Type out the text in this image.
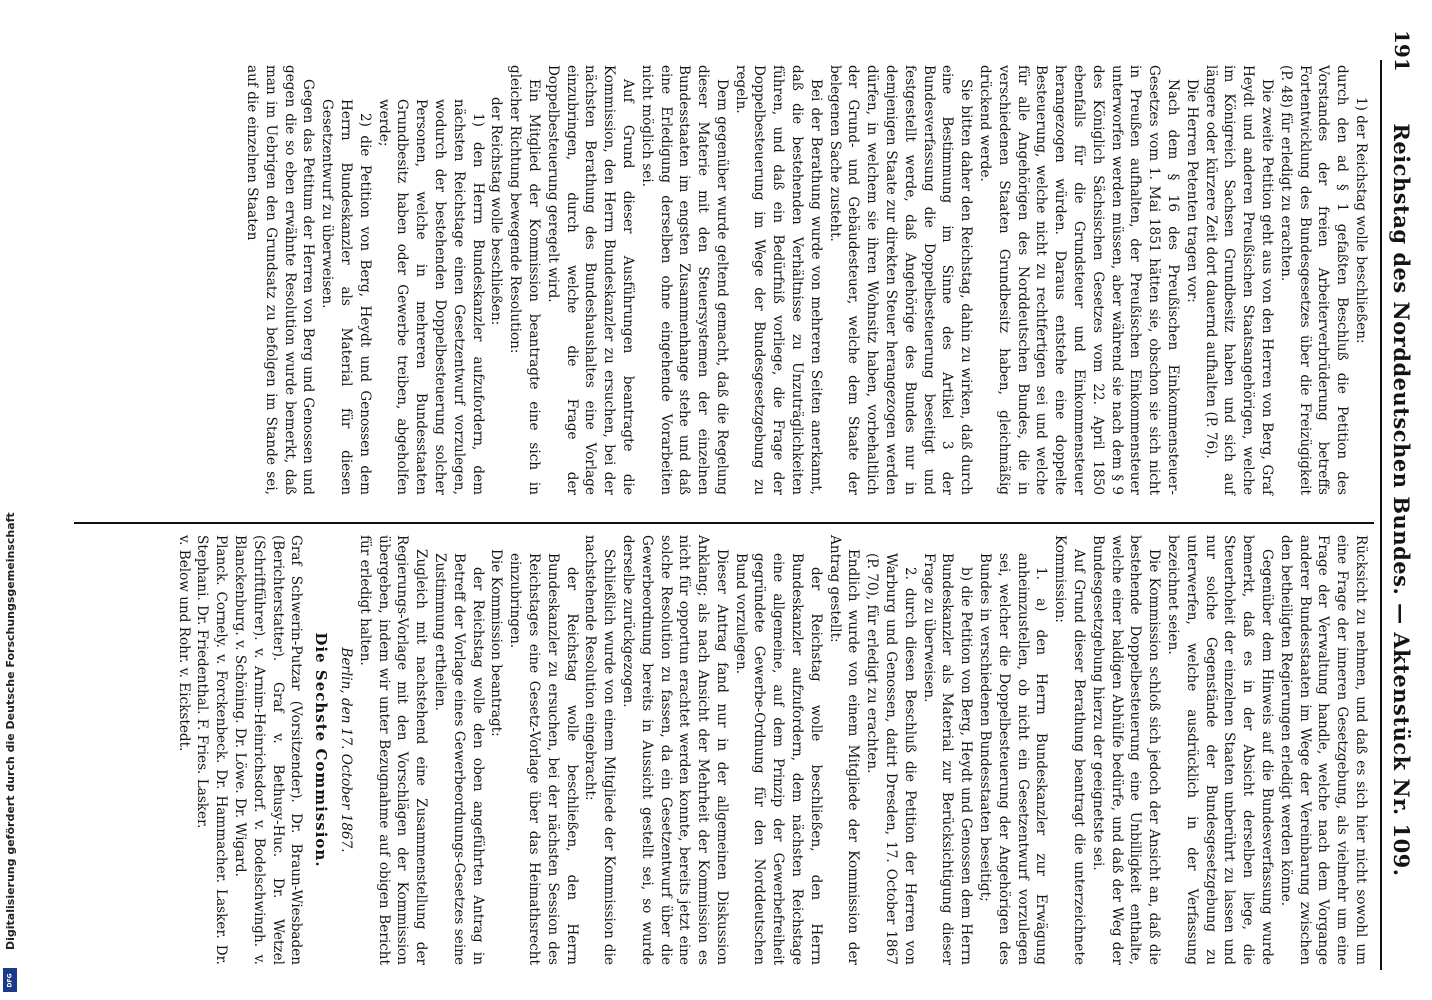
191
Reichstag des Norddeutschen Bundes. — Aktenstück Nr. 109.

1) der Reichstag wolle beschließen:

durch den ad § 1 gefaßten Beschluß die Petition des Vorstandes der freien Arbeiterverbrüderung betreffs Fortentwicklung des Bundesgesetzes über die Freizügigkeit (P. 48) für erledigt zu erachten.

Die zweite Petition geht aus von den Herren von Berg, Graf Heydt und anderen Preußischen Staatsangehörigen, welche im Königreich Sachsen Grundbesitz haben und sich auf längere oder kürzere Zeit dort dauernd aufhalten (P. 76).

Die Herren Petenten tragen vor:

Nach dem § 16 des Preußischen Einkommensteuer-Gesetzes vom 1. Mai 1851 hätten sie, obschon sie sich nicht in Preußen aufhalten, der Preußischen Einkommensteuer unterworfen werden müssen, aber während sie nach dem § 9 des Königlich Sächsischen Gesetzes vom 22. April 1850 ebenfalls für die Grundsteuer und Einkommensteuer herangezogen würden. Daraus entstehe eine doppelte Besteuerung, welche nicht zu rechtfertigen sei und welche für alle Angehörigen des Norddeutschen Bundes, die in verschiedenen Staaten Grundbesitz haben, gleichmäßig drückend werde.

Sie bitten daher den Reichstag, dahin zu wirken, daß durch eine Bestimmung im Sinne des Artikel 3 der Bundesverfassung die Doppelbesteuerung beseitigt und festgestellt werde, daß Angehörige des Bundes nur in demjenigen Staate zur direkten Steuer herangezogen werden dürfen, in welchem sie ihren Wohnsitz haben, vorbehaltlich der Grund- und Gebäudesteuer, welche dem Staate der belegenen Sache zusteht.

Bei der Berathung wurde von mehreren Seiten anerkannt, daß die bestehenden Verhältnisse zu Unzuträglichkeiten führen, und daß ein Bedürfniß vorliege, die Frage der Doppelbesteuerung im Wege der Bundesgesetzgebung zu regeln.

Dem gegenüber wurde geltend gemacht, daß die Regelung dieser Materie mit den Steuersystemen der einzelnen Bundesstaaten im engsten Zusammenhange stehe und daß eine Erledigung derselben ohne eingehende Vorarbeiten nicht möglich sei.

Auf Grund dieser Ausführungen beantragte die Kommission, den Herrn Bundeskanzler zu ersuchen, bei der nächsten Berathung des Bundeshaushaltes eine Vorlage einzubringen, durch welche die Frage der Doppelbesteuerung geregelt wird.

Ein Mitglied der Kommission beantragte eine sich in gleicher Richtung bewegende Resolution:

der Reichstag wolle beschließen:

1) den Herrn Bundeskanzler aufzufordern, dem nächsten Reichstage einen Gesetzentwurf vorzulegen, wodurch der bestehenden Doppelbesteuerung solcher Personen, welche in mehreren Bundesstaaten Grundbesitz haben oder Gewerbe treiben, abgeholfen werde;

2) die Petition von Berg, Heydt und Genossen dem Herrn Bundeskanzler als Material für diesen Gesetzentwurf zu überweisen.

Gegen das Petitum der Herren von Berg und Genossen und gegen die so eben erwähnte Resolution wurde bemerkt, daß man im Uebrigen den Grundsatz zu befolgen im Stande sei, auf die einzelnen Staaten

Rücksicht zu nehmen, und daß es sich hier nicht sowohl um eine Frage der inneren Gesetzgebung, als vielmehr um eine Frage der Verwaltung handle, welche nach dem Vorgange anderer Bundesstaaten im Wege der Vereinbarung zwischen den betheiligten Regierungen erledigt werden könne.

Gegenüber dem Hinweis auf die Bundesverfassung wurde bemerkt, daß es in der Absicht derselben liege, die Steuerhoheit der einzelnen Staaten unberührt zu lassen und nur solche Gegenstände der Bundesgesetzgebung zu unterwerfen, welche ausdrücklich in der Verfassung bezeichnet seien.

Die Kommission schloß sich jedoch der Ansicht an, daß die bestehende Doppelbesteuerung eine Unbilligkeit enthalte, welche einer baldigen Abhülfe bedürfe, und daß der Weg der Bundesgesetzgebung hierzu der geeignetste sei.

Auf Grund dieser Berathung beantragt die unterzeichnete Kommission:

1. a) den Herrn Bundeskanzler zur Erwägung anheimzustellen, ob nicht ein Gesetzentwurf vorzulegen sei, welcher die Doppelbesteuerung der Angehörigen des Bundes in verschiedenen Bundesstaaten beseitigt;

b) die Petition von Berg, Heydt und Genossen dem Herrn Bundeskanzler als Material zur Berücksichtigung dieser Frage zu überweisen.

2. durch diesen Beschluß die Petition der Herren von Warburg und Genossen, datirt Dresden, 17. October 1867 (P. 70), für erledigt zu erachten.

Endlich wurde von einem Mitgliede der Kommission der Antrag gestellt:

der Reichstag wolle beschließen, den Herrn Bundeskanzler aufzufordern, dem nächsten Reichstage eine allgemeine, auf dem Prinzip der Gewerbefreiheit gegründete Gewerbe-Ordnung für den Norddeutschen Bund vorzulegen.

Dieser Antrag fand nur in der allgemeinen Diskussion Anklang; als nach Ansicht der Mehrheit der Kommission es nicht für opportun erachtet werden konnte, bereits jetzt eine solche Resolution zu fassen, da ein Gesetzentwurf über die Gewerbeordnung bereits in Aussicht gestellt sei, so wurde derselbe zurückgezogen.

Schließlich wurde von einem Mitgliede der Kommission die nachstehende Resolution eingebracht:

der Reichstag wolle beschließen, den Herrn Bundeskanzler zu ersuchen, bei der nächsten Session des Reichstages eine Gesetz-Vorlage über das Heimathsrecht einzubringen.

Die Kommission beantragt:

der Reichstag wolle den oben angeführten Antrag in Betreff der Vorlage eines Gewerbeordnungs-Gesetzes seine Zustimmung ertheilen.

Zugleich mit nachstehend eine Zusammenstellung der Regierungs-Vorlage mit den Vorschlägen der Kommission übergeben, indem wir unter Bezugnahme auf obigen Bericht für erledigt halten.

Berlin, den 17. October 1867.

Die Sechste Commission.

Graf Schwerin-Putzar (Vorsitzender). Dr. Braun-Wiesbaden (Berichterstatter). Graf v. Bethusy-Huc. Dr. Wetzel (Schriftführer). v. Arnim-Heinrichsdorf. v. Bodelschwingh. v. Blanckenburg. v. Schöning. Dr. Löwe. Dr. Wigard.

Planck. Cornely. v. Forckenbeck. Dr. Hammacher. Lasker. Dr. Stephani. Dr. Friedenthal. F. Fries. Lasker.

v. Below und Rohr. v. Eickstedt.

Digitalisierung gefördert durch die Deutsche Forschungsgemeinschaft
DFG
